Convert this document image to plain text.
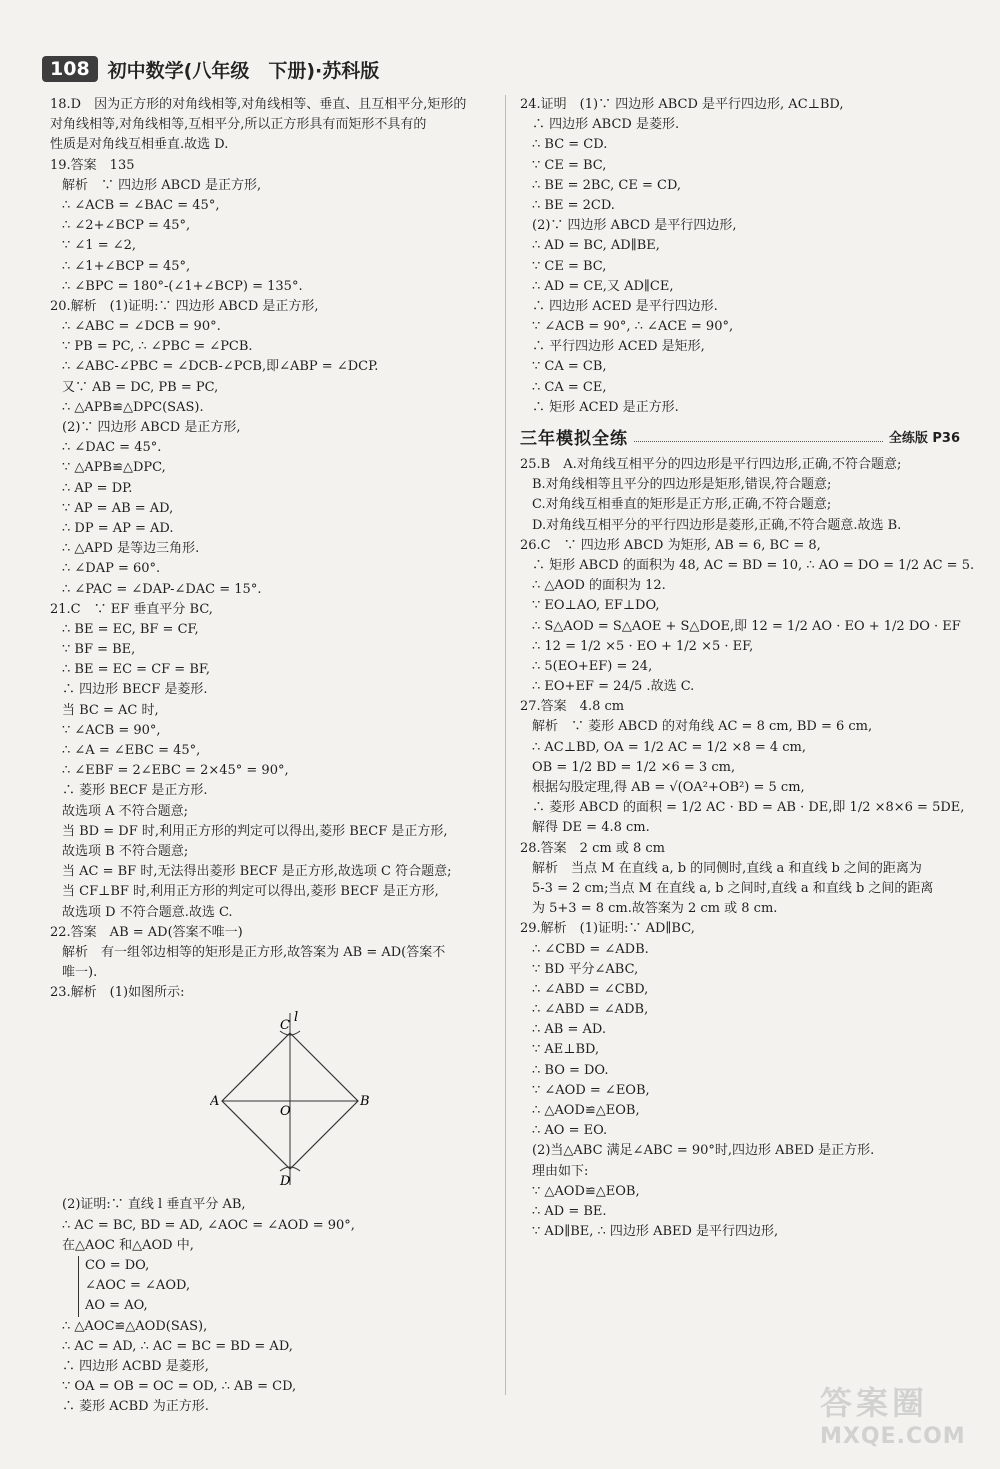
108 初中数学(八年级　下册)·苏科版
18.D　因为正方形的对角线相等,对角线相等、垂直、且互相平分,矩形的
对角线相等,对角线相等,互相平分,所以正方形具有而矩形不具有的
性质是对角线互相垂直.故选 D.
19.答案　135
解析　∵ 四边形 ABCD 是正方形,
∴ ∠ACB = ∠BAC = 45°,
∴ ∠2+∠BCP = 45°,
∵ ∠1 = ∠2,
∴ ∠1+∠BCP = 45°,
∴ ∠BPC = 180°-(∠1+∠BCP) = 135°.
20.解析　(1)证明:∵ 四边形 ABCD 是正方形,
∴ ∠ABC = ∠DCB = 90°.
∵ PB = PC, ∴ ∠PBC = ∠PCB.
∴ ∠ABC-∠PBC = ∠DCB-∠PCB,即∠ABP = ∠DCP.
又∵ AB = DC, PB = PC,
∴ △APB≌△DPC(SAS).
(2)∵ 四边形 ABCD 是正方形,
∴ ∠DAC = 45°.
∵ △APB≌△DPC,
∴ AP = DP.
∵ AP = AB = AD,
∴ DP = AP = AD.
∴ △APD 是等边三角形.
∴ ∠DAP = 60°.
∴ ∠PAC = ∠DAP-∠DAC = 15°.
21.C　∵ EF 垂直平分 BC,
∴ BE = EC, BF = CF,
∵ BF = BE,
∴ BE = EC = CF = BF,
∴ 四边形 BECF 是菱形.
当 BC = AC 时,
∵ ∠ACB = 90°,
∴ ∠A = ∠EBC = 45°,
∴ ∠EBF = 2∠EBC = 2×45° = 90°,
∴ 菱形 BECF 是正方形.
故选项 A 不符合题意;
当 BD = DF 时,利用正方形的判定可以得出,菱形 BECF 是正方形,
故选项 B 不符合题意;
当 AC = BF 时,无法得出菱形 BECF 是正方形,故选项 C 符合题意;
当 CF⊥BF 时,利用正方形的判定可以得出,菱形 BECF 是正方形,
故选项 D 不符合题意.故选 C.
22.答案　AB = AD(答案不唯一)
解析　有一组邻边相等的矩形是正方形,故答案为 AB = AD(答案不
唯一).
23.解析　(1)如图所示:
l
C
A
O
B
D
(2)证明:∵ 直线 l 垂直平分 AB,
∴ AC = BC, BD = AD, ∠AOC = ∠AOD = 90°,
在△AOC 和△AOD 中,
CO = DO,
∠AOC = ∠AOD,
AO = AO,
∴ △AOC≌△AOD(SAS),
∴ AC = AD, ∴ AC = BC = BD = AD,
∴ 四边形 ACBD 是菱形,
∵ OA = OB = OC = OD, ∴ AB = CD,
∴ 菱形 ACBD 为正方形.
24.证明　(1)∵ 四边形 ABCD 是平行四边形, AC⊥BD,
∴ 四边形 ABCD 是菱形.
∴ BC = CD.
∵ CE = BC,
∴ BE = 2BC, CE = CD,
∴ BE = 2CD.
(2)∵ 四边形 ABCD 是平行四边形,
∴ AD = BC, AD∥BE,
∵ CE = BC,
∴ AD = CE,又 AD∥CE,
∴ 四边形 ACED 是平行四边形.
∵ ∠ACB = 90°, ∴ ∠ACE = 90°,
∴ 平行四边形 ACED 是矩形,
∵ CA = CB,
∴ CA = CE,
∴ 矩形 ACED 是正方形.
三年模拟全练	全练版 P36
25.B　A.对角线互相平分的四边形是平行四边形,正确,不符合题意;
B.对角线相等且平分的四边形是矩形,错误,符合题意;
C.对角线互相垂直的矩形是正方形,正确,不符合题意;
D.对角线互相平分的平行四边形是菱形,正确,不符合题意.故选 B.
26.C　∵ 四边形 ABCD 为矩形, AB = 6, BC = 8,
∴ 矩形 ABCD 的面积为 48, AC = BD = 10, ∴ AO = DO = 1/2 AC = 5.
∴ △AOD 的面积为 12.
∵ EO⊥AO, EF⊥DO,
∴ S△AOD = S△AOE + S△DOE,即 12 = 1/2 AO · EO + 1/2 DO · EF
∴ 12 = 1/2 ×5 · EO + 1/2 ×5 · EF,
∴ 5(EO+EF) = 24,
∴ EO+EF = 24/5 .故选 C.
27.答案　4.8 cm
解析　∵ 菱形 ABCD 的对角线 AC = 8 cm, BD = 6 cm,
∴ AC⊥BD, OA = 1/2 AC = 1/2 ×8 = 4 cm,
OB = 1/2 BD = 1/2 ×6 = 3 cm,
根据勾股定理,得 AB = √(OA²+OB²) = 5 cm,
∴ 菱形 ABCD 的面积 = 1/2 AC · BD = AB · DE,即 1/2 ×8×6 = 5DE,
解得 DE = 4.8 cm.
28.答案　2 cm 或 8 cm
解析　当点 M 在直线 a, b 的同侧时,直线 a 和直线 b 之间的距离为
5-3 = 2 cm;当点 M 在直线 a, b 之间时,直线 a 和直线 b 之间的距离
为 5+3 = 8 cm.故答案为 2 cm 或 8 cm.
29.解析　(1)证明:∵ AD∥BC,
∴ ∠CBD = ∠ADB.
∵ BD 平分∠ABC,
∴ ∠ABD = ∠CBD,
∴ ∠ABD = ∠ADB,
∴ AB = AD.
∵ AE⊥BD,
∴ BO = DO.
∵ ∠AOD = ∠EOB,
∴ △AOD≌△EOB,
∴ AO = EO.
(2)当△ABC 满足∠ABC = 90°时,四边形 ABED 是正方形.
理由如下:
∵ △AOD≌△EOB,
∴ AD = BE.
∵ AD∥BE, ∴ 四边形 ABED 是平行四边形,
答案圈
MXQE.COM
